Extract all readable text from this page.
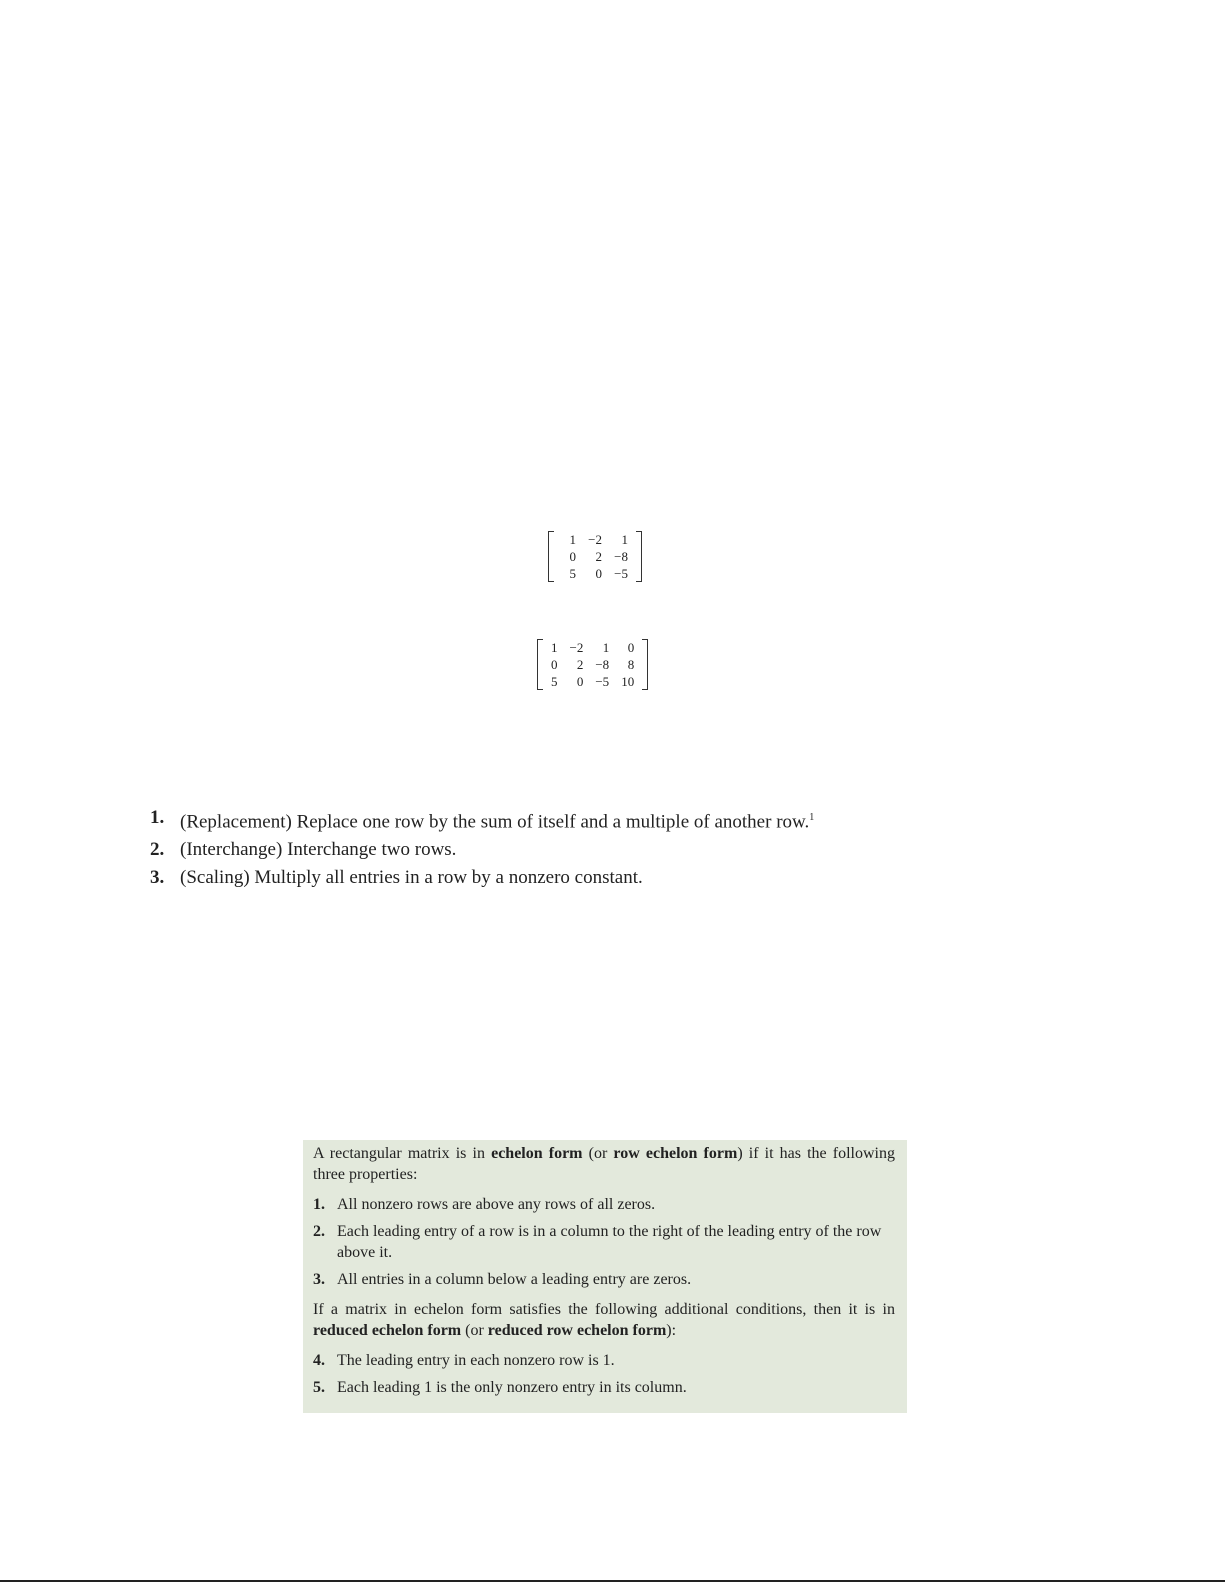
1	−2	1
0	2	−8
5	0	−5
1	−2	1	0
0	2	−8	8
5	0	−5	10
1. (Replacement) Replace one row by the sum of itself and a multiple of another row.$^1$
2. (Interchange) Interchange two rows.
3. (Scaling) Multiply all entries in a row by a nonzero constant.

A rectangular matrix is in echelon form (or row echelon form) if it has the following three properties:

1. All nonzero rows are above any rows of all zeros.
2. Each leading entry of a row is in a column to the right of the leading entry of the row above it.
3. All entries in a column below a leading entry are zeros.

If a matrix in echelon form satisfies the following additional conditions, then it is in reduced echelon form (or reduced row echelon form):

4. The leading entry in each nonzero row is 1.
5. Each leading 1 is the only nonzero entry in its column.
